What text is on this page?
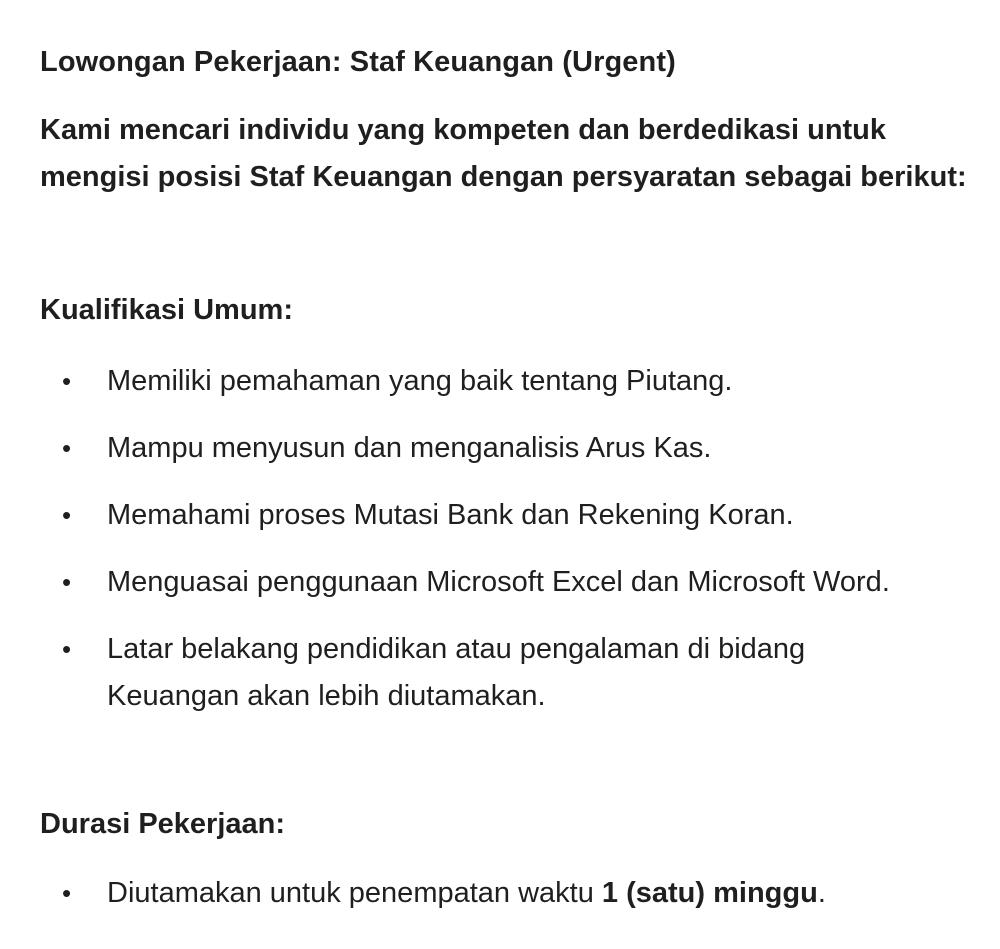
Lowongan Pekerjaan: Staf Keuangan (Urgent)

Kami mencari individu yang kompeten dan berdedikasi untuk mengisi posisi Staf Keuangan dengan persyaratan sebagai berikut:

Kualifikasi Umum:
• Memiliki pemahaman yang baik tentang Piutang.
• Mampu menyusun dan menganalisis Arus Kas.
• Memahami proses Mutasi Bank dan Rekening Koran.
• Menguasai penggunaan Microsoft Excel dan Microsoft Word.
• Latar belakang pendidikan atau pengalaman di bidang Keuangan akan lebih diutamakan.
Durasi Pekerjaan:
• Diutamakan untuk penempatan waktu 1 (satu) minggu.
